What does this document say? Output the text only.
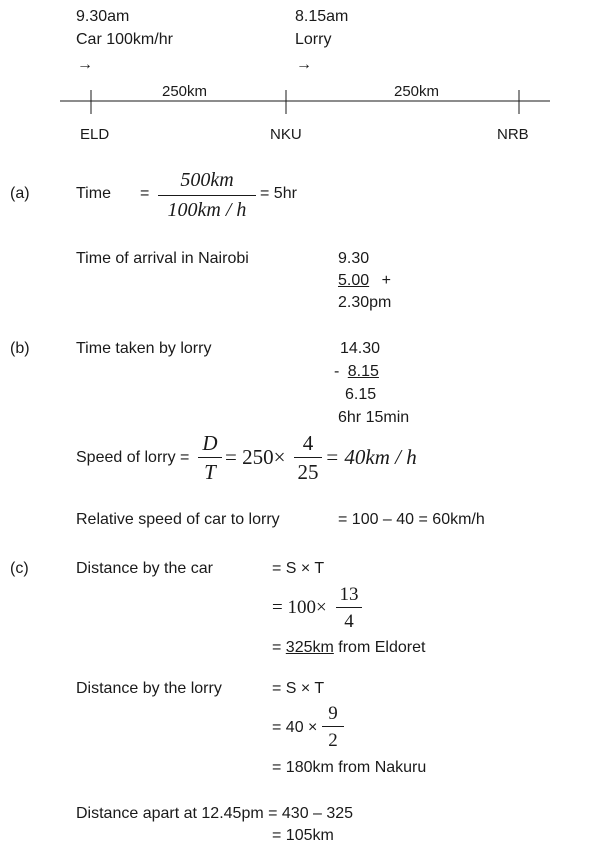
9.30am
Car 100km/hr
→
8.15am
Lorry
→
250km	250km
ELD	NKU	NRB
(a)	Time =
500km
100km / h
= 5hr
Time of arrival in Nairobi	9.30
5.00 +
2.30pm
(b)	Time taken by lorry	14.30
- 8.15
6.15
6hr 15min
Speed of lorry =
D
T
= 250×
4
25
= 40km / h
Relative speed of car to lorry	= 100 – 40 = 60km/h
(c)	Distance by the car	= S × T
= 100×
13
4
= 325km from Eldoret
Distance by the lorry	= S × T
= 40 ×
9
2
= 180km from Nakuru
Distance apart at 12.45pm = 430 – 325
= 105km
